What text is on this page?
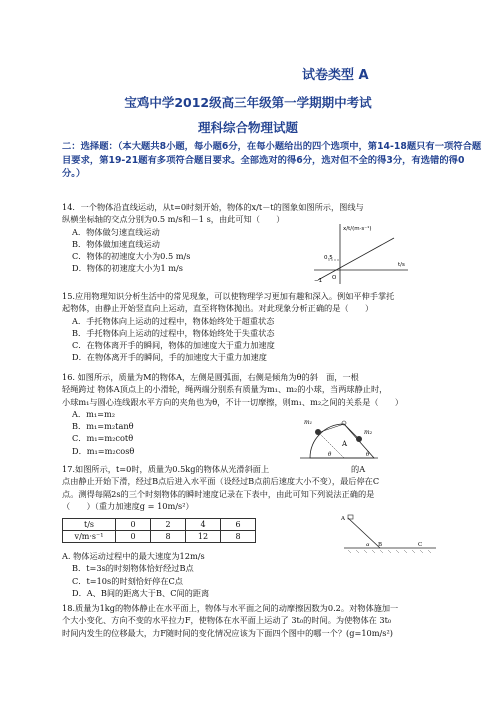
试卷类型 A
宝鸡中学2012级高三年级第一学期期中考试
理科综合物理试题
二：选择题：（本大题共8小题，每小题6分，在每小题给出的四个选项中，第14-18题只有一项符合题目要求，第19-21题有多项符合题目要求。全部选对的得6分，选对但不全的得3分，有选错的得0分。）
14．一个物体沿直线运动，从t=0时刻开始，物体的x/t－t的图象如图所示，图线与
纵横坐标轴的交点分别为0.5 m/s和－1 s，由此可知（　　）
A．物体做匀速直线运动
B．物体做加速直线运动
C．物体的初速度大小为0.5 m/s
D．物体的初速度大小为1 m/s
x/t/(m·s⁻¹)
t/s
0.5
−1 O
15.应用物理知识分析生活中的常见现象，可以使物理学习更加有趣和深入。例如平伸手掌托
起物体，由静止开始竖直向上运动，直至将物体抛出。对此现象分析正确的是（　　）
A．手托物体向上运动的过程中，物体始终处于超重状态
B．手托物体向上运动的过程中，物体始终处于失重状态
C．在物体离开手的瞬间，物体的加速度大于重力加速度
D．在物体离开手的瞬间，手的加速度大于重力加速度
16. 如图所示，质量为M的物体A，左侧是圆弧面，右侧是倾角为θ的斜　面，一根
轻绳跨过 物体A顶点上的小滑轮，绳两端分别系有质量为m₁、m₂的小球，当两球静止时，
小球m₁与圆心连线跟水平方向的夹角也为θ，不计一切摩擦，则m₁、m₂之间的关系是（　　）
A．m₁=m₂
B．m₁=m₂tanθ
C．m₁=m₂cotθ
D．m₁=m₂cosθ
m₁
m₂
A
θ	θ
17.如图所示，t=0时，质量为0.5kg的物体从光滑斜面上　　　　　　　　　　的A
点由静止开始下滑，经过B点后进入水平面（设经过B点前后速度大小不变），最后停在C
点。测得每隔2s的三个时刻物体的瞬时速度记录在下表中，由此可知下列说法正确的是
（　　）（重力加速度g = 10m/s²）
t/s	0	2	4	6
v/m·s⁻¹	0	8	12	8
A. 物体运动过程中的最大速度为12m/s
B．t=3s的时刻物体恰好经过B点
C．t=10s的时刻恰好停在C点
D．A、B间的距离大于B、C间的距离
A
B	C
α
18.质量为1kg的物体静止在水平面上，物体与水平面之间的动摩擦因数为0.2。对物体施加一
个大小变化、方向不变的水平拉力F，使物体在水平面上运动了 3t₀的时间。为使物体在 3t₀
时间内发生的位移最大，力F随时间的变化情况应该为下面四个图中的哪一个？(g=10m/s²)
